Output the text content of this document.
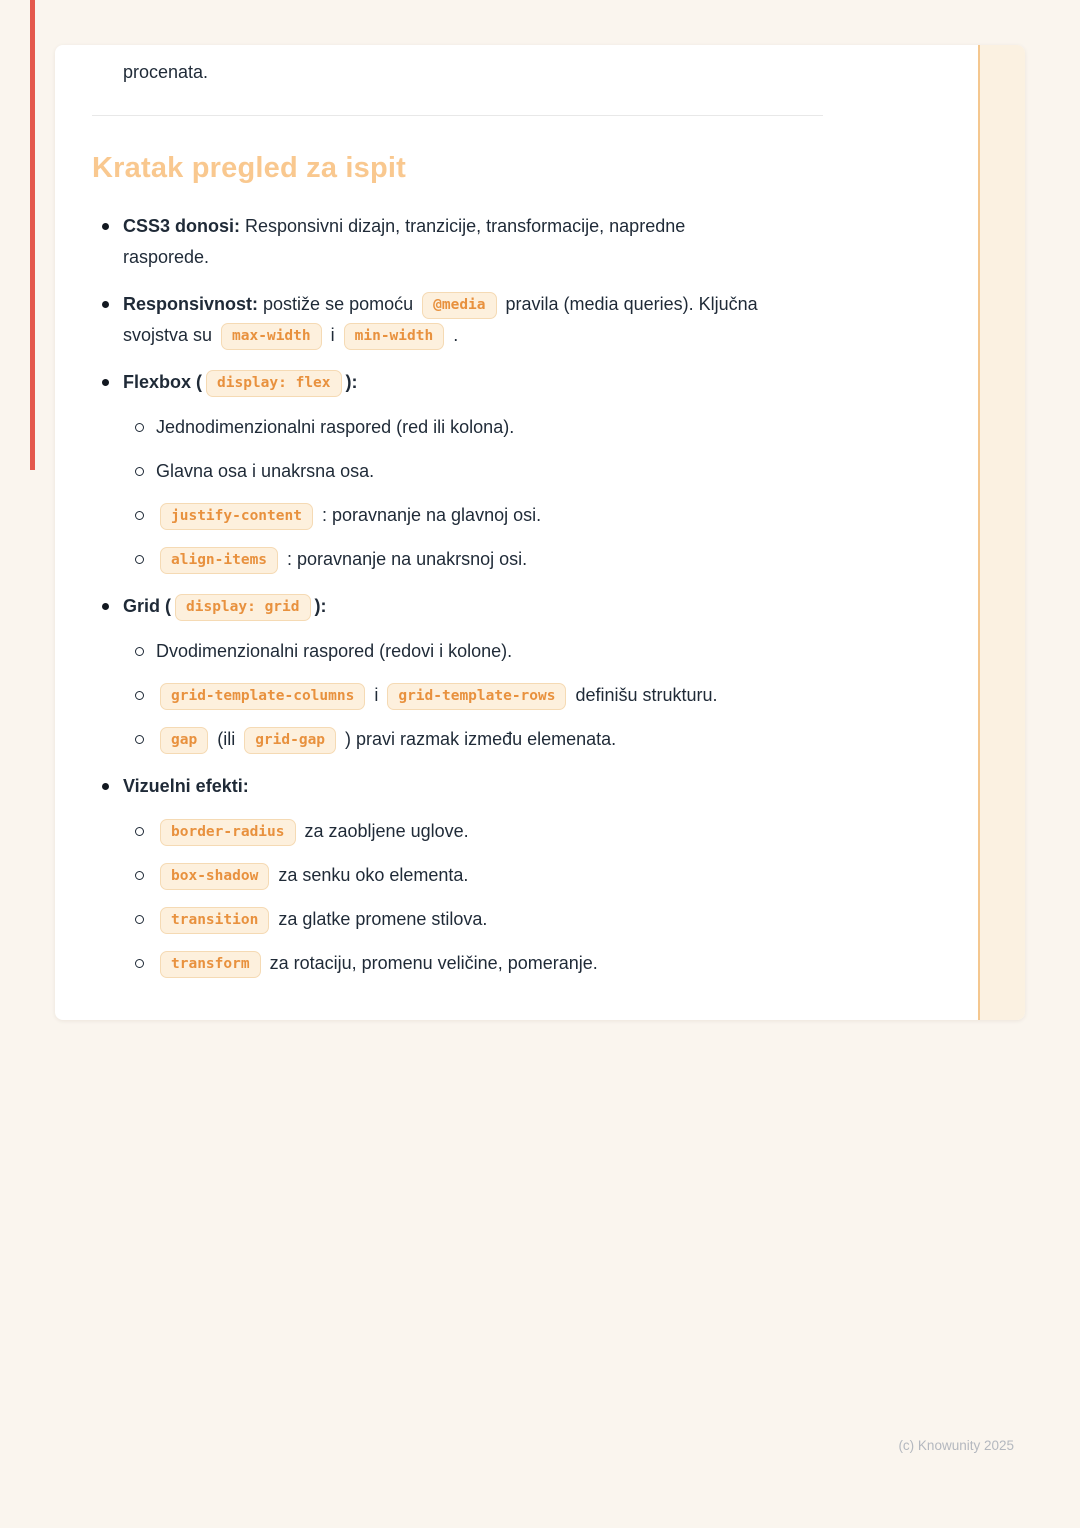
procenata.

Kratak pregled za ispit
CSS3 donosi: Responsivni dizajn, tranzicije, transformacije, napredne rasporede.
Responsivnost: postiže se pomoću @media pravila (media queries). Ključna svojstva su max-width i min-width .
Flexbox ( display: flex ):
Jednodimenzionalni raspored (red ili kolona).
Glavna osa i unakrsna osa.
justify-content : poravnanje na glavnoj osi.
align-items : poravnanje na unakrsnoj osi.
Grid ( display: grid ):
Dvodimenzionalni raspored (redovi i kolone).
grid-template-columns i grid-template-rows definišu strukturu.
gap (ili grid-gap ) pravi razmak između elemenata.
Vizuelni efekti:
border-radius za zaobljene uglove.
box-shadow za senku oko elementa.
transition za glatke promene stilova.
transform za rotaciju, promenu veličine, pomeranje.
(c) Knowunity 2025
